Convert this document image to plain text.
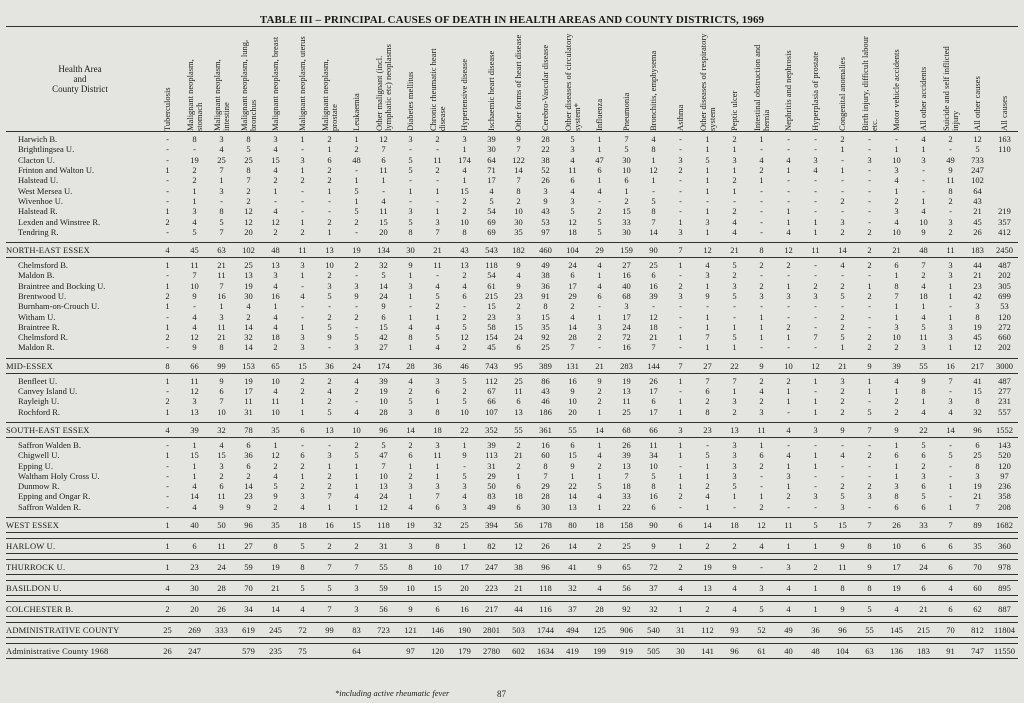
TABLE III – PRINCIPAL CAUSES OF DEATH IN HEALTH AREAS AND COUNTY DISTRICTS, 1969
Health Area
and
County District	Tuberculosis	Malignant neoplasm, stomach	Malignant neoplasm, intestine	Malignant neoplasm, lung, bronchus	Malignant neoplasm, breast	Malignant neoplasm, uterus	Malignant neoplasm, prostate	Leukaemia	Other malignant (incl. lymphatic etc) neoplasms	Diabetes mellitus	Chronic rheumatic heart disease	Hypertensive disease	Ischaemic heart disease	Other forms of heart disease	Cerebro-Vascular disease	Other diseases of circulatory system*	Influenza	Pneumonia	Bronchitis, emphysema	Asthma	Other diseases of respiratory system	Peptic ulcer	Intestinal obstruction and hernia	Nephritis and nephrosis	Hyperplasia of prostate	Congenital anomalies	Birth injury, difficult labour etc.	Motor vehicle accidents	All other accidents	Suicide and self inflicted injury	All other causes	All causes

Harwich B.	-	8	3	8	3	1	2	1	12	3	2	3	39	9	28	5	1	7	4	-	1	2	1	-	-	2	-	-	4	2	12	163
Brightlingsea U.	-	-	4	5	4	-	1	2	7	-	-	1	30	7	22	3	1	5	8	-	1	1	-	-	-	1	-	1	1	-	5	110
Clacton U.	-	19	25	25	15	3	6	48	6	5	11	174	64	122	38	4	47	30	1	3	5	3	4	4	3	-	3	10	3	49	733	
Frinton and Walton U.	1	2	7	8	4	1	2	-	11	5	2	4	71	14	52	11	6	10	12	2	1	1	2	1	4	1	-	3	-	9	247	
Halstead U.	-	2	1	7	2	2	2	1	1	-	-	1	17	7	26	6	1	6	1	-	1	2	1	-	-	-	-	4	-	11	102	
West Mersea U.	-	1	3	2	1	-	1	5	-	1	1	15	4	8	3	4	4	1	-	-	1	1	-	-	-	-	-	1	-	8	64	
Wivenhoe U.	-	1	-	2	-	-	-	1	4	-	-	2	5	2	9	3	-	2	5	-	-	-	-	-	-	2	-	2	1	2	43	
Halstead R.	1	3	8	12	4	-	-	5	11	3	1	2	54	10	43	5	2	15	8	-	1	2	-	1	-	-	-	3	4	-	21	219
Lexden and Winstree R.	2	4	5	12	12	1	2	2	15	5	3	10	69	30	53	12	5	33	7	1	3	4	-	1	1	3	-	4	10	3	45	357
Tendring R.	-	5	7	20	2	2	1	-	20	8	7	8	69	35	97	18	5	30	14	3	1	4	-	4	1	2	2	10	9	2	26	412

NORTH-EAST ESSEX	4	45	63	102	48	11	13	19	134	30	21	43	543	182	460	104	29	159	90	7	12	21	8	12	11	14	2	21	48	11	183	2450
Chelmsford B.	1	11	21	25	13	3	10	2	32	9	11	13	118	9	49	24	4	27	25	1	4	5	2	2	-	4	2	6	7	3	44	487
Maldon B.	-	7	11	13	3	1	2	-	5	1	-	2	54	4	38	6	1	16	6	-	3	2	-	-	-	-	-	1	2	3	21	202
Braintree and Bocking U.	1	10	7	19	4	-	3	3	14	3	4	4	61	9	36	17	4	40	16	2	1	3	2	1	2	2	1	8	4	1	23	305
Brentwood U.	2	9	16	30	16	4	5	9	24	1	5	6	215	23	91	29	6	68	39	3	9	5	3	3	3	5	2	7	18	1	42	699
Burnham-on-Crouch U.	1	-	1	4	1	-	-	-	9	-	2	-	15	2	8	2	-	3	-	-	-	-	-	-	-	-	-	1	1	-	3	53
Witham U.	-	4	3	2	4	-	2	2	6	1	1	2	23	3	15	4	1	17	12	-	1	-	1	-	-	2	-	1	4	1	8	120
Braintree R.	1	4	11	14	4	1	5	-	15	4	4	5	58	15	35	14	3	24	18	-	1	1	1	2	-	2	-	3	5	3	19	272
Chelmsford R.	2	12	21	32	18	3	9	5	42	8	5	12	154	24	92	28	2	72	21	1	7	5	1	1	7	5	2	10	11	3	45	660
Maldon R.	-	9	8	14	2	3	-	3	27	1	4	2	45	6	25	7	-	16	7	-	1	1	-	-	-	1	2	2	3	1	12	202

MID-ESSEX	8	66	99	153	65	15	36	24	174	28	36	46	743	95	389	131	21	283	144	7	27	22	9	10	12	21	9	39	55	16	217	3000
Benfleet U.	1	11	9	19	10	2	2	4	39	4	3	5	112	25	86	16	9	19	26	1	7	7	2	2	1	3	1	4	9	7	41	487
Canvey Island U.	-	12	6	17	4	2	4	2	19	2	6	2	67	11	43	9	2	13	17	-	6	1	4	1	-	2	1	1	8	-	15	277
Rayleigh U.	2	3	7	11	11	1	2	-	10	5	1	5	66	6	46	10	2	11	6	1	2	3	2	1	1	2	-	2	1	3	8	231
Rochford R.	1	13	10	31	10	1	5	4	28	3	8	10	107	13	186	20	1	25	17	1	8	2	3	-	1	2	5	2	4	4	32	557

SOUTH-EAST ESSEX	4	39	32	78	35	6	13	10	96	14	18	22	352	55	361	55	14	68	66	3	23	13	11	4	3	9	7	9	22	14	96	1552
Saffron Walden B.	-	1	4	6	1	-	-	2	5	2	3	1	39	2	16	6	1	26	11	1	-	3	1	-	-	-	-	1	5	-	6	143
Chigwell U.	1	15	15	36	12	6	3	5	47	6	11	9	113	21	60	15	4	39	34	1	5	3	6	4	1	4	2	6	6	5	25	520
Epping U.	-	1	3	6	2	2	1	1	7	1	1	-	31	2	8	9	2	13	10	-	1	3	2	1	1	-	-	1	2	-	8	120
Waltham Holy Cross U.	-	1	2	2	4	1	2	1	10	2	1	5	29	1	7	1	1	7	5	1	1	3	-	3	-	-	-	1	3	-	3	97
Dunmow R.	-	4	6	14	5	2	2	1	13	3	3	3	50	6	29	22	5	18	8	1	2	5	-	1	-	2	2	3	6	1	19	236
Epping and Ongar R.	-	14	11	23	9	3	7	4	24	1	7	4	83	18	28	14	4	33	16	2	4	1	1	2	3	5	3	8	5	-	21	358
Saffron Walden R.	-	4	9	9	2	4	1	1	12	4	6	3	49	6	30	13	1	22	6	-	1	-	2	-	-	3	-	6	6	1	7	208

WEST ESSEX	1	40	50	96	35	18	16	15	118	19	32	25	394	56	178	80	18	158	90	6	14	18	12	11	5	15	7	26	33	7	89	1682

HARLOW U.	1	6	11	27	8	5	2	2	31	3	8	1	82	12	26	14	2	25	9	1	2	2	4	1	1	9	8	10	6	6	35	360

THURROCK U.	1	23	24	59	19	8	7	7	55	8	10	17	247	38	96	41	9	65	72	2	19	9	-	3	2	11	9	17	24	6	70	978

BASILDON U.	4	30	28	70	21	5	5	3	59	10	15	20	223	21	118	32	4	56	37	4	13	4	3	4	1	8	8	19	6	4	60	895

COLCHESTER B.	2	20	26	34	14	4	7	3	56	9	6	16	217	44	116	37	28	92	32	1	2	4	5	4	1	9	5	4	21	6	62	887

ADMINISTRATIVE COUNTY	25	269	333	619	245	72	99	83	723	121	146	190	2801	503	1744	494	125	906	540	31	112	93	52	49	36	96	55	145	215	70	812	11804

Administrative County 1968	26	247		579	235	75		64		97	120	179	2780	602	1634	419	199	919	505	30	141	96	61	40	48	104	63	136	183	91	747	11550
*including active rheumatic fever	87
